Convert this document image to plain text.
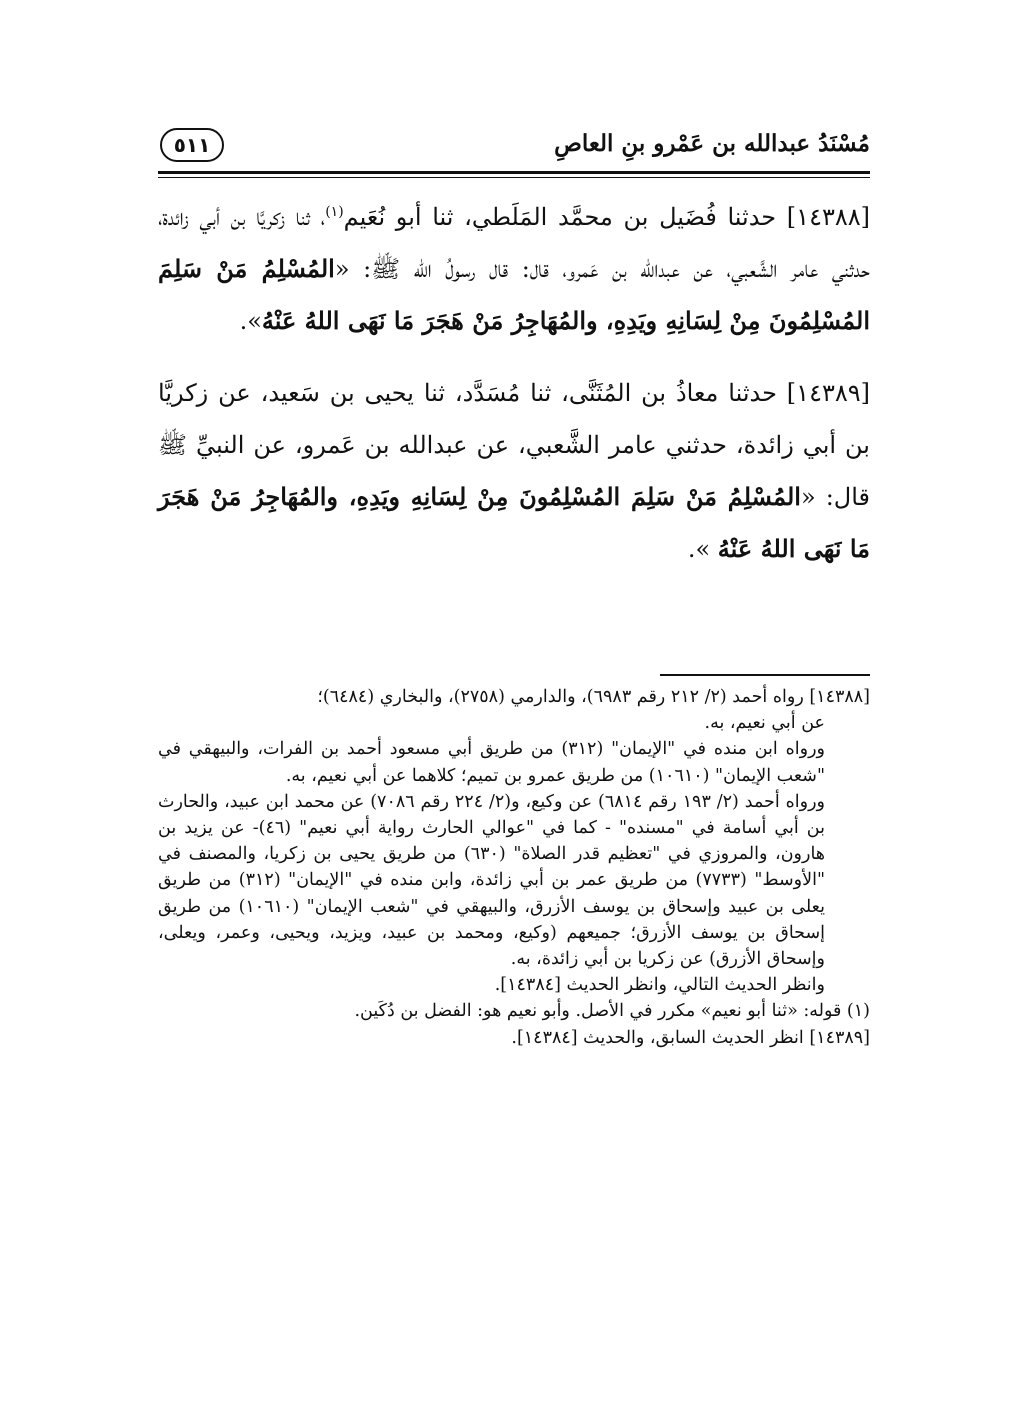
مُسْنَدُ عبدالله بن عَمْرو بنِ العاصِ
٥١١

[١٤٣٨٨] حدثنا فُضَيل بن محمَّد المَلَطي، ثنا أبو نُعَيم$^{(١)}$، ثنا زكريَّا بن أبي زائدة، حدثني عامر الشَّعبي، عن عبدالله بن عَمرو، قال: قال رسولُ الله ﷺ: «المُسْلِمُ مَنْ سَلِمَ المُسْلِمُونَ مِنْ لِسَانِهِ ويَدِهِ، والمُهَاجِرُ مَنْ هَجَرَ مَا نَهَى اللهُ عَنْهُ».

[١٤٣٨٩] حدثنا معاذُ بن المُثَنَّى، ثنا مُسَدَّد، ثنا يحيى بن سَعيد، عن زكريَّا بن أبي زائدة، حدثني عامر الشَّعبي، عن عبدالله بن عَمرو، عن النبيِّ ﷺ قال: «المُسْلِمُ مَنْ سَلِمَ المُسْلِمُونَ مِنْ لِسَانِهِ ويَدِهِ، والمُهَاجِرُ مَنْ هَجَرَ مَا نَهَى اللهُ عَنْهُ ».

[١٤٣٨٨] رواه أحمد (٢/ ٢١٢ رقم ٦٩٨٣)، والدارمي (٢٧٥٨)، والبخاري (٦٤٨٤)؛

عن أبي نعيم، به.

ورواه ابن منده في "الإيمان" (٣١٢) من طريق أبي مسعود أحمد بن الفرات، والبيهقي في "شعب الإيمان" (١٠٦١٠) من طريق عمرو بن تميم؛ كلاهما عن أبي نعيم، به.

ورواه أحمد (٢/ ١٩٣ رقم ٦٨١٤) عن وكيع، و(٢/ ٢٢٤ رقم ٧٠٨٦) عن محمد ابن عبيد، والحارث بن أبي أسامة في "مسنده" - كما في "عوالي الحارث رواية أبي نعيم" (٤٦)- عن يزيد بن هارون، والمروزي في "تعظيم قدر الصلاة" (٦٣٠) من طريق يحيى بن زكريا، والمصنف في "الأوسط" (٧٧٣٣) من طريق عمر بن أبي زائدة، وابن منده في "الإيمان" (٣١٢) من طريق يعلى بن عبيد وإسحاق بن يوسف الأزرق، والبيهقي في "شعب الإيمان" (١٠٦١٠) من طريق إسحاق بن يوسف الأزرق؛ جميعهم (وكيع، ومحمد بن عبيد، ويزيد، ويحيى، وعمر، ويعلى، وإسحاق الأزرق) عن زكريا بن أبي زائدة، به.

وانظر الحديث التالي، وانظر الحديث [١٤٣٨٤].

(١) قوله: «ثنا أبو نعيم» مكرر في الأصل. وأبو نعيم هو: الفضل بن دُكَين.

[١٤٣٨٩] انظر الحديث السابق، والحديث [١٤٣٨٤].
